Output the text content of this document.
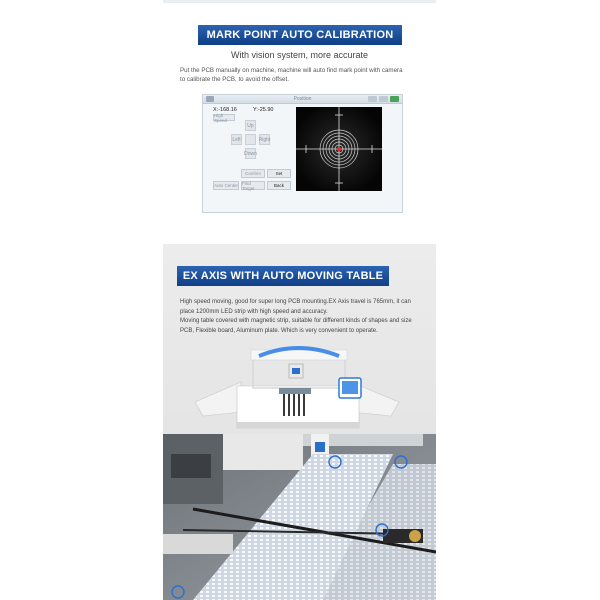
MARK POINT AUTO CALIBRATION
With vision system, more accurate
Put the PCB manually on machine, machine will auto find mark point with camera
to calibrate the PCB, to avoid the offset.
Position
X:-168.16	Y:-25.90
High Speed
Up
Left	Right
Down
Confirm	Set
Auto Center Find Target	Back
EX AXIS WITH AUTO MOVING TABLE
High speed moving, good for super long PCB mounting.EX Axis travel is 765mm, it can
place 1200mm LED strip with high speed and accuracy.
Moving table covered with magnetic strip, suitable for different kinds of shapes and size
PCB, Flexible board, Aluminum plate. Which is very convenient to operate.
